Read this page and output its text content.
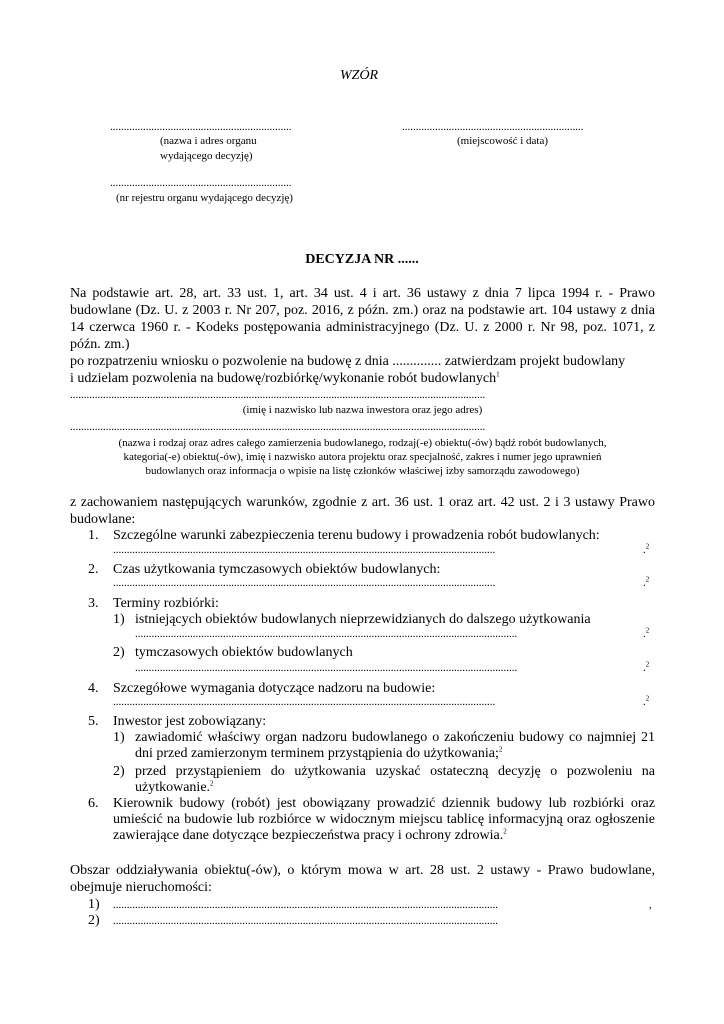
WZÓR
..................................................................
(nazwa i adres organu
wydającego decyzję)
..................................................................
(miejscowość i data)
..................................................................
(nr rejestru organu wydającego decyzję)
DECYZJA NR ......
Na podstawie art. 28, art. 33 ust. 1, art. 34 ust. 4 i art. 36 ustawy z dnia 7 lipca 1994 r. - Prawo budowlane (Dz. U. z 2003 r. Nr 207, poz. 2016, z późn. zm.) oraz na podstawie art. 104 ustawy z dnia 14 czerwca 1960 r. - Kodeks postępowania administracyjnego (Dz. U. z 2000 r. Nr 98, poz. 1071, z późn. zm.)
po rozpatrzeniu wniosku o pozwolenie na budowę z dnia .............. zatwierdzam projekt budowlany
i udzielam pozwolenia na budowę/rozbiórkę/wykonanie robót budowlanych$^1$
.......................................................................................................................................................
(imię i nazwisko lub nazwa inwestora oraz jego adres)
.......................................................................................................................................................
(nazwa i rodzaj oraz adres całego zamierzenia budowlanego, rodzaj(-e) obiektu(-ów) bądź robót budowlanych,
kategoria(-e) obiektu(-ów), imię i nazwisko autora projektu oraz specjalność, zakres i numer jego uprawnień
budowlanych oraz informacja o wpisie na listę członków właściwej izby samorządu zawodowego)
z zachowaniem następujących warunków, zgodnie z art. 36 ust. 1 oraz art. 42 ust. 2 i 3 ustawy Prawo budowlane:
1. Szczególne warunki zabezpieczenia terenu budowy i prowadzenia robót budowlanych:
...........................................................................................................................................	.$^2$
2. Czas użytkowania tymczasowych obiektów budowlanych:
...........................................................................................................................................	.$^2$
3. Terminy rozbiórki:
1) istniejących obiektów budowlanych nieprzewidzianych do dalszego użytkowania
...........................................................................................................................................	.$^2$
2) tymczasowych obiektów budowlanych
...........................................................................................................................................	.$^2$
4. Szczegółowe wymagania dotyczące nadzoru na budowie:
...........................................................................................................................................	.$^2$
5. Inwestor jest zobowiązany:
1) zawiadomić właściwy organ nadzoru budowlanego o zakończeniu budowy co najmniej 21 dni przed zamierzonym terminem przystąpienia do użytkowania;$^2$
2) przed przystąpieniem do użytkowania uzyskać ostateczną decyzję o pozwoleniu na użytkowanie.$^2$
6. Kierownik budowy (robót) jest obowiązany prowadzić dziennik budowy lub rozbiórki oraz umieścić na budowie lub rozbiórce w widocznym miejscu tablicę informacyjną oraz ogłoszenie zawierające dane dotyczące bezpieczeństwa pracy i ochrony zdrowia.$^2$
Obszar oddziaływania obiektu(-ów), o którym mowa w art. 28 ust. 2 ustawy - Prawo budowlane, obejmuje nieruchomości:
1) ............................................................................................................................................	,
2) ............................................................................................................................................
